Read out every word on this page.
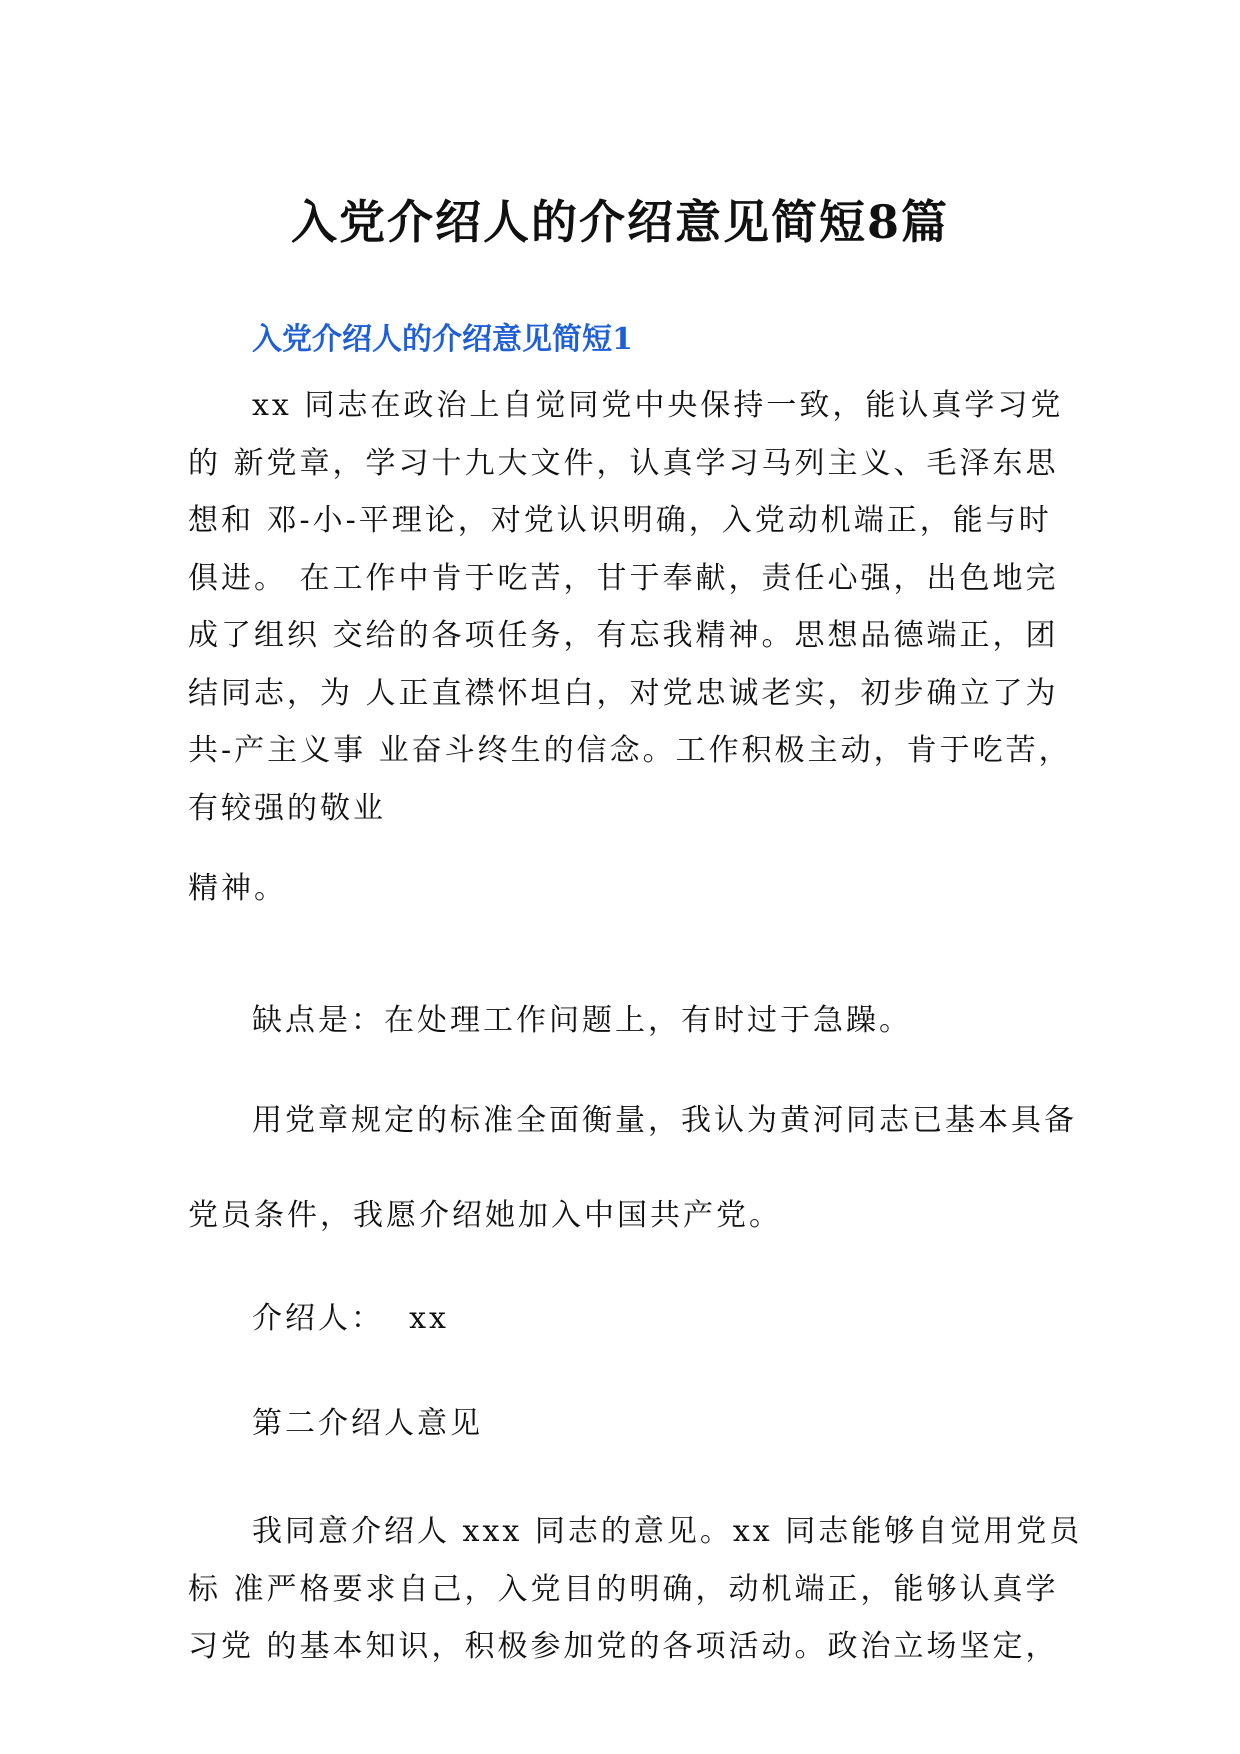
入党介绍人的介绍意见简短8篇
入党介绍人的介绍意见简短1
xx 同志在政治上自觉同党中央保持一致，能认真学习党
的 新党章，学习十九大文件，认真学习马列主义、毛泽东思
想和 邓-小-平理论，对党认识明确，入党动机端正，能与时
俱进。 在工作中肯于吃苦，甘于奉献，责任心强，出色地完
成了组织 交给的各项任务，有忘我精神。思想品德端正，团
结同志，为 人正直襟怀坦白，对党忠诚老实，初步确立了为
共-产主义事 业奋斗终生的信念。工作积极主动，肯于吃苦，
有较强的敬业
精神。
缺点是：在处理工作问题上，有时过于急躁。
用党章规定的标准全面衡量，我认为黄河同志已基本具备
党员条件，我愿介绍她加入中国共产党。
介绍人：  xx
第二介绍人意见
我同意介绍人 xxx 同志的意见。xx 同志能够自觉用党员
标 准严格要求自己，入党目的明确，动机端正，能够认真学
习党 的基本知识，积极参加党的各项活动。政治立场坚定，
